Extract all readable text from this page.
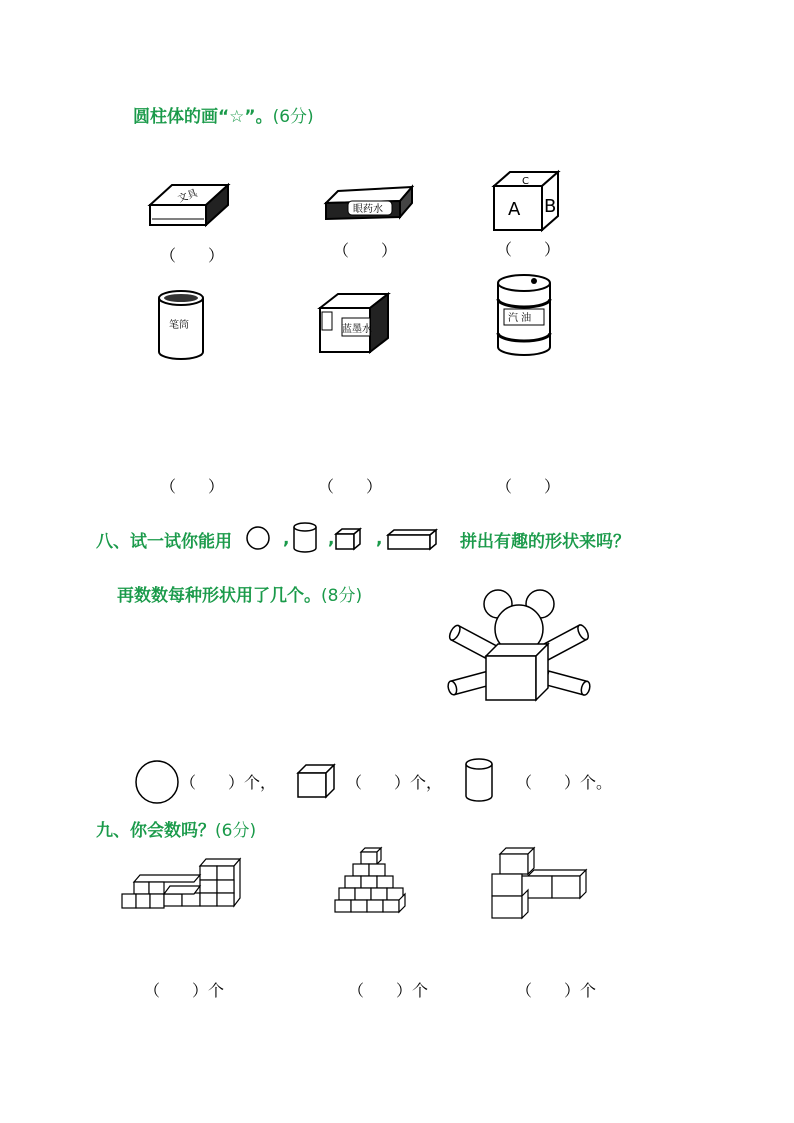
圆柱体的画“☆”。(6分)
文具
（　　）
眼药水
（　　）
C
A B
（　　）
笔筒	蓝墨水
汽 油
（　　）	（　　）	（　　）
八、试一试你能用	, , ,	拼出有趣的形状来吗？
再数数每种形状用了几个。(8分)
（　　）个，	（　　）个，	（　　）个。
九、你会数吗？(6分)
（　　）个	（　　）个	（　　）个
